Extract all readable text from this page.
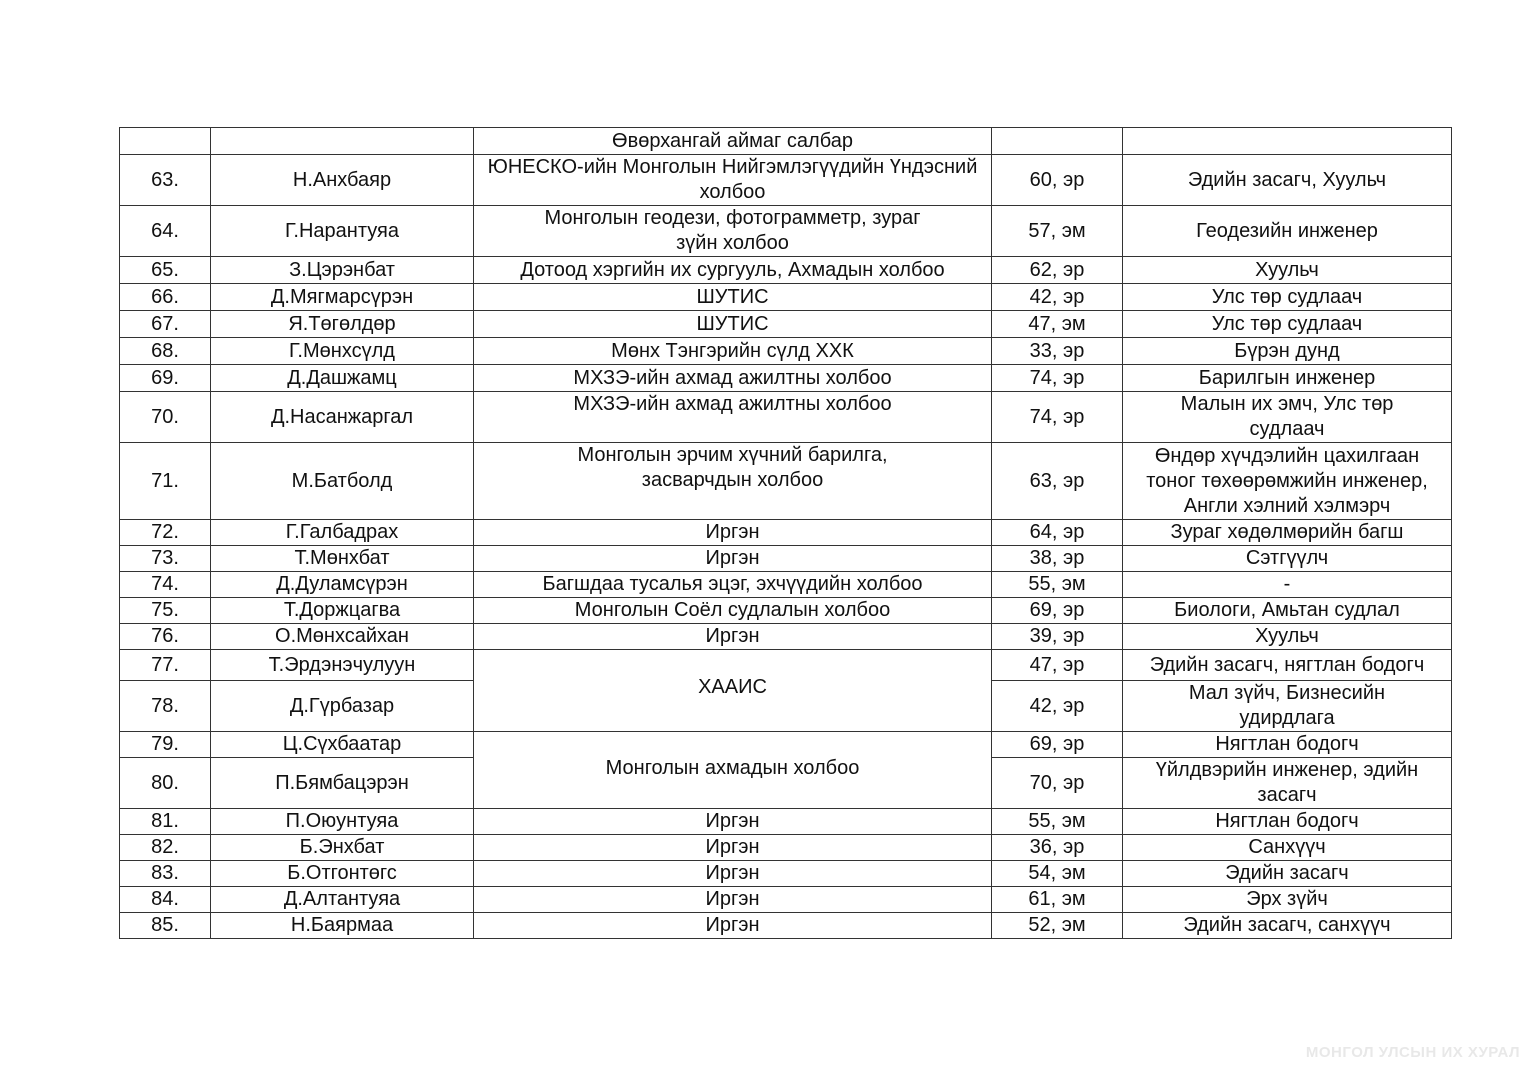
		Өвөрхангай аймаг салбар		
63.	Н.Анхбаяр	ЮНЕСКО-ийн Монголын Нийгэмлэгүүдийн Үндэсний холбоо	60, эр	Эдийн засагч, Хуульч
64.	Г.Нарантуяа	Монголын геодези, фотограмметр, зураг зүйн холбоо	57, эм	Геодезийн инженер
65.	З.Цэрэнбат	Дотоод хэргийн их сургууль, Ахмадын холбоо	62, эр	Хуульч
66.	Д.Мягмарсүрэн	ШУТИС	42, эр	Улс төр судлаач
67.	Я.Төгөлдөр	ШУТИС	47, эм	Улс төр судлаач
68.	Г.Мөнхсүлд	Мөнх Тэнгэрийн сүлд ХХК	33, эр	Бүрэн дунд
69.	Д.Дашжамц	МХЗЭ-ийн ахмад ажилтны холбоо	74, эр	Барилгын инженер
70.	Д.Насанжаргал	МХЗЭ-ийн ахмад ажилтны холбоо	74, эр	Малын их эмч, Улс төр судлаач
71.	М.Батболд	Монголын эрчим хүчний барилга, засварчдын холбоо	63, эр	Өндөр хүчдэлийн цахилгаан тоног төхөөрөмжийн инженер, Англи хэлний хэлмэрч
72.	Г.Галбадрах	Иргэн	64, эр	Зураг хөдөлмөрийн багш
73.	Т.Мөнхбат	Иргэн	38, эр	Сэтгүүлч
74.	Д.Дуламсүрэн	Багшдаа тусалья эцэг, эхчүүдийн холбоо	55, эм	-
75.	Т.Доржцагва	Монголын Соёл судлалын холбоо	69, эр	Биологи, Амьтан судлал
76.	О.Мөнхсайхан	Иргэн	39, эр	Хуульч
77.	Т.Эрдэнэчулуун	ХААИС	47, эр	Эдийн засагч, нягтлан бодогч
78.	Д.Гүрбазар		42, эр	Мал зүйч, Бизнесийн удирдлага
79.	Ц.Сүхбаатар	Монголын ахмадын холбоо	69, эр	Нягтлан бодогч
80.	П.Бямбацэрэн		70, эр	Үйлдвэрийн инженер, эдийн засагч
81.	П.Оюунтуяа	Иргэн	55, эм	Нягтлан бодогч
82.	Б.Энхбат	Иргэн	36, эр	Санхүүч
83.	Б.Отгонтөгс	Иргэн	54, эм	Эдийн засагч
84.	Д.Алтантуяа	Иргэн	61, эм	Эрх зүйч
85.	Н.Баярмаа	Иргэн	52, эм	Эдийн засагч, санхүүч
МОНГОЛ УЛСЫН ИХ ХУРАЛ
